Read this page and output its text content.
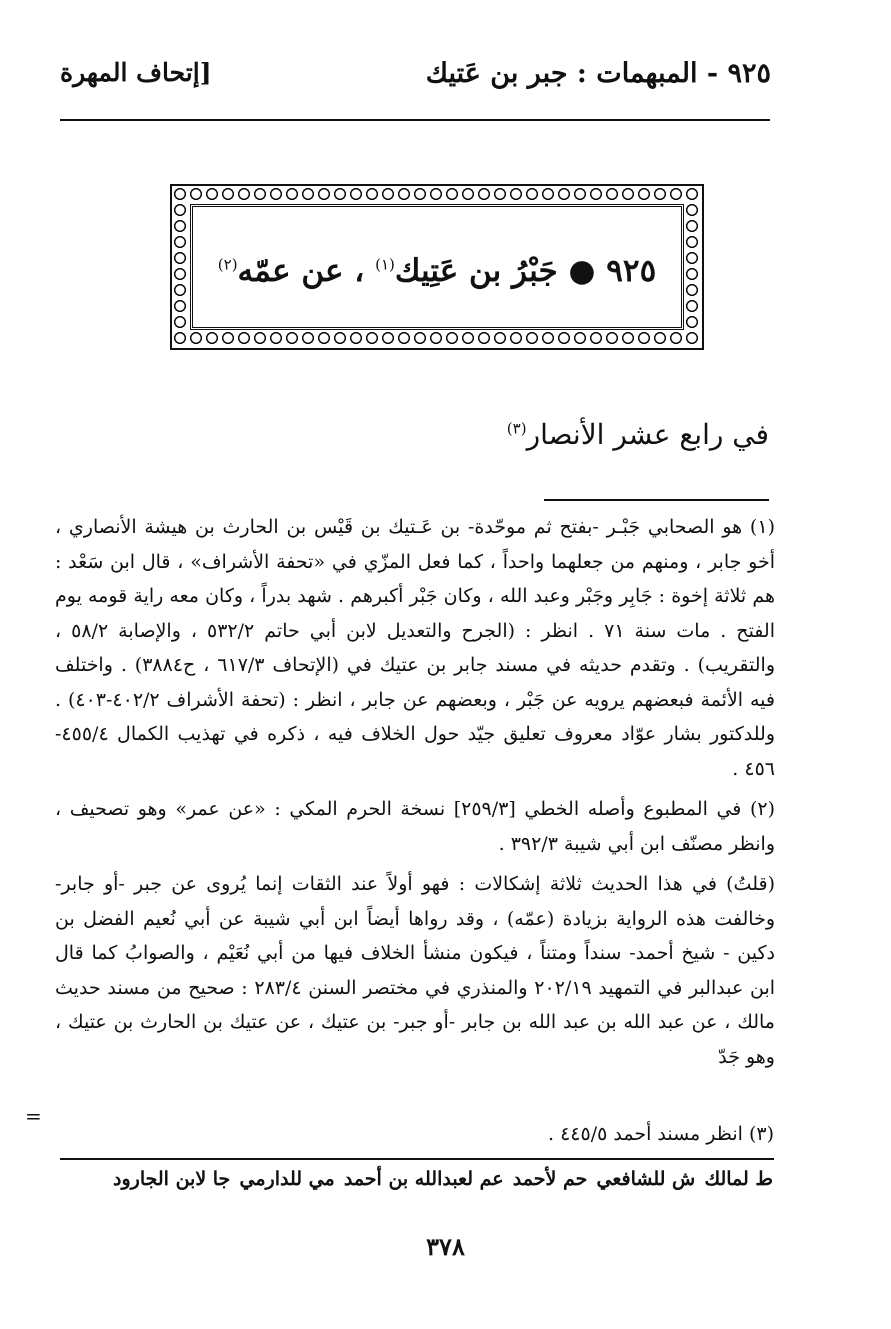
٩٢٥ - المبهمات : جبر بن عَتيك
[إتحاف المهرة
٩٢٥ ● جَبْرُ بن عَتِيك$^{(١)}$ ، عن عمّه$^{(٢)}$
في رابع عشر الأنصار$^{(٣)}$

(١) هو الصحابي جَبْـر -بفتح ثم موحّدة- بن عَـتيك بن قَيْس بن الحارث بن هيشة الأنصاري ، أخو جابر ، ومنهم من جعلهما واحداً ، كما فعل المزّي في «تحفة الأشراف» ، قال ابن سَعْد : هم ثلاثة إخوة : جَابِر وجَبْر وعبد الله ، وكان جَبْر أكبرهم . شهد بدراً ، وكان معه راية قومه يوم الفتح . مات سنة ٧١ . انظر : (الجرح والتعديل لابن أبي حاتم ٥٣٢/٢ ، والإصابة ٥٨/٢ ، والتقريب) . وتقدم حديثه في مسند جابر بن عتيك في (الإتحاف ٦١٧/٣ ، ح٣٨٨٤) . واختلف فيه الأئمة فبعضهم يرويه عن جَبْر ، وبعضهم عن جابر ، انظر : (تحفة الأشراف ٤٠٢/٢-٤٠٣) . وللدكتور بشار عوّاد معروف تعليق جيّد حول الخلاف فيه ، ذكره في تهذيب الكمال ٤٥٥/٤- ٤٥٦ .

(٢) في المطبوع وأصله الخطي [٢٥٩/٣] نسخة الحرم المكي : «عن عمر» وهو تصحيف ، وانظر مصنّف ابن أبي شيبة ٣٩٢/٣ .

(قلتُ) في هذا الحديث ثلاثة إشكالات : فهو أولاً عند الثقات إنما يُروى عن جبر -أو جابر- وخالفت هذه الرواية بزيادة (عمّه) ، وقد رواها أيضاً ابن أبي شيبة عن أبي نُعيم الفضل بن دكين - شيخ أحمد- سنداً ومتناً ، فيكون منشأ الخلاف فيها من أبي نُعَيْم ، والصوابُ كما قال ابن عبدالبر في التمهيد ٢٠٢/١٩ والمنذري في مختصر السنن ٢٨٣/٤ : صحيح من مسند حديث مالك ، عن عبد الله بن عبد الله بن جابر -أو جبر- بن عتيك ، عن عتيك بن الحارث بن عتيك ، وهو جَدّ

=
(٣) انظر مسند أحمد ٤٤٥/٥ .
ط لمالك
ش للشافعي
حم لأحمد
عم لعبدالله بن أحمد
مي للدارمي
جا لابن الجارود
٣٧٨
